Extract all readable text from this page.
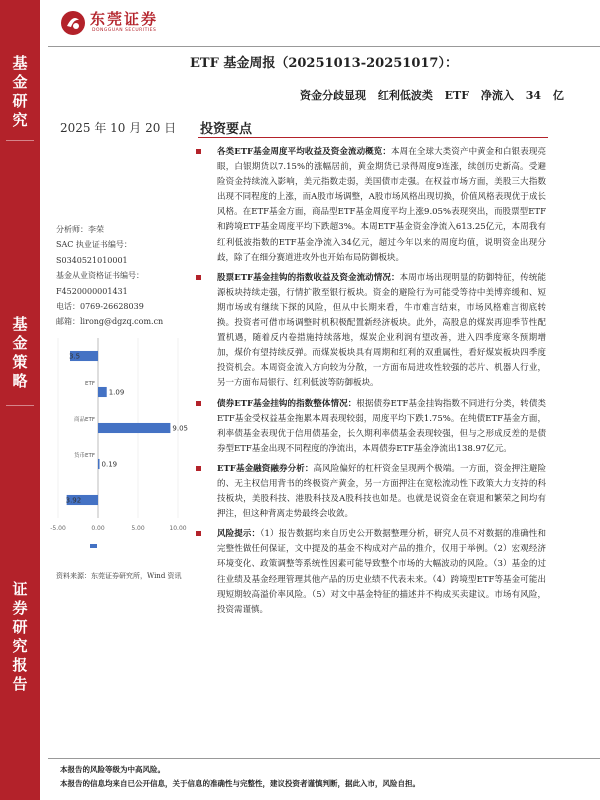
基
金
研
究
基
金
策
略
证
券
研
究
报
告
东莞证券
DONGGUAN SECURITIES
ETF 基金周报（20251013-20251017）：
资金分歧显现 红利低波类 ETF 净流入 34 亿
2025 年 10 月 20 日 投资要点
分析师：李荣
SAC 执业证书编号：
S0340521010001
基金从业资格证书编号：
F4520000001431
电话：0769-26628039
邮箱：lirong@dgzq.com.cn
-5.00	0.00	5.00	10.00
3.5
1.09
ETF
9.05
商品ETF
0.19
货币ETF
3.92
资料来源：东莞证券研究所，Wind 资讯
各类ETF基金周度平均收益及资金流动概览：本周在全球大类资产中黄金和白银表现亮眼，白银期货以7.15%的涨幅居前，黄金期货已录得周度9连涨，续创历史新高。受避险资金持续流入影响，美元指数走弱，美国债市走强。在权益市场方面，美股三大指数出现不同程度的上涨，而A股市场调整，A股市场风格出现切换，价值风格表现优于成长风格。在ETF基金方面，商品型ETF基金周度平均上涨9.05%表现突出，而股票型ETF和跨境ETF基金周度平均下跌超3%。本周ETF基金资金净流入613.25亿元，本周我有红利低波指数的ETF基金净流入34亿元，超过今年以来的周度均值，说明资金出现分歧，除了在细分赛道进攻外也开始布局防御板块。
股票ETF基金挂钩的指数收益及资金流动情况：本周市场出现明显的防御特征，传统能源板块持续走强，行情扩散至银行板块。资金的避险行为可能受等待中美博弈缓和、短期市场或有继续下探的风险，但从中长期来看，牛市难言结束，市场风格难言彻底转换。投资者可借市场调整时机积极配置新经济板块。此外，高股息的煤炭再迎季节性配置机遇，随着反内卷措施持续落地，煤炭企业利润有望改善，进入四季度寒冬预期增加，煤价有望持续反弹。而煤炭板块具有周期和红利的双重属性，看好煤炭板块四季度投资机会。本周资金流入方向较为分散，一方面布局进攻性较强的芯片、机器人行业，另一方面布局银行、红利低波等防御板块。
债券ETF基金挂钩的指数整体情况：根据债券ETF基金挂钩指数不同进行分类，转债类ETF基金受权益基金拖累本周表现较弱，周度平均下跌1.75%。在纯债ETF基金方面，利率债基金表现优于信用债基金，长久期利率债基金表现较强，但与之形成反差的是债券型ETF基金出现不同程度的净流出，本周债券ETF基金净流出138.97亿元。
ETF基金融资融券分析：高风险偏好的杠杆资金呈现两个极端。一方面，资金押注避险的、无主权信用背书的终极资产黄金，另一方面押注在宽松流动性下政策大力支持的科技板块，美股科技、港股科技及A股科技也如是。也就是说资金在衰退和繁荣之间均有押注，但这种背离走势最终会收敛。
风险提示：（1）报告数据均来自历史公开数据整理分析，研究人员不对数据的准确性和完整性做任何保证，文中提及的基金不构成对产品的推介，仅用于举例。（2）宏观经济环境变化、政策调整等系统性因素可能导致整个市场的大幅波动的风险。（3）基金的过往业绩及基金经理管理其他产品的历史业绩不代表未来。（4）跨境型ETF等基金可能出现短期较高溢价率风险。（5）对文中基金特征的描述并不构成买卖建议。市场有风险，投资需谨慎。
本报告的风险等级为中高风险。
本报告的信息均来自已公开信息，关于信息的准确性与完整性，建议投资者谨慎判断，据此入市，风险自担。
